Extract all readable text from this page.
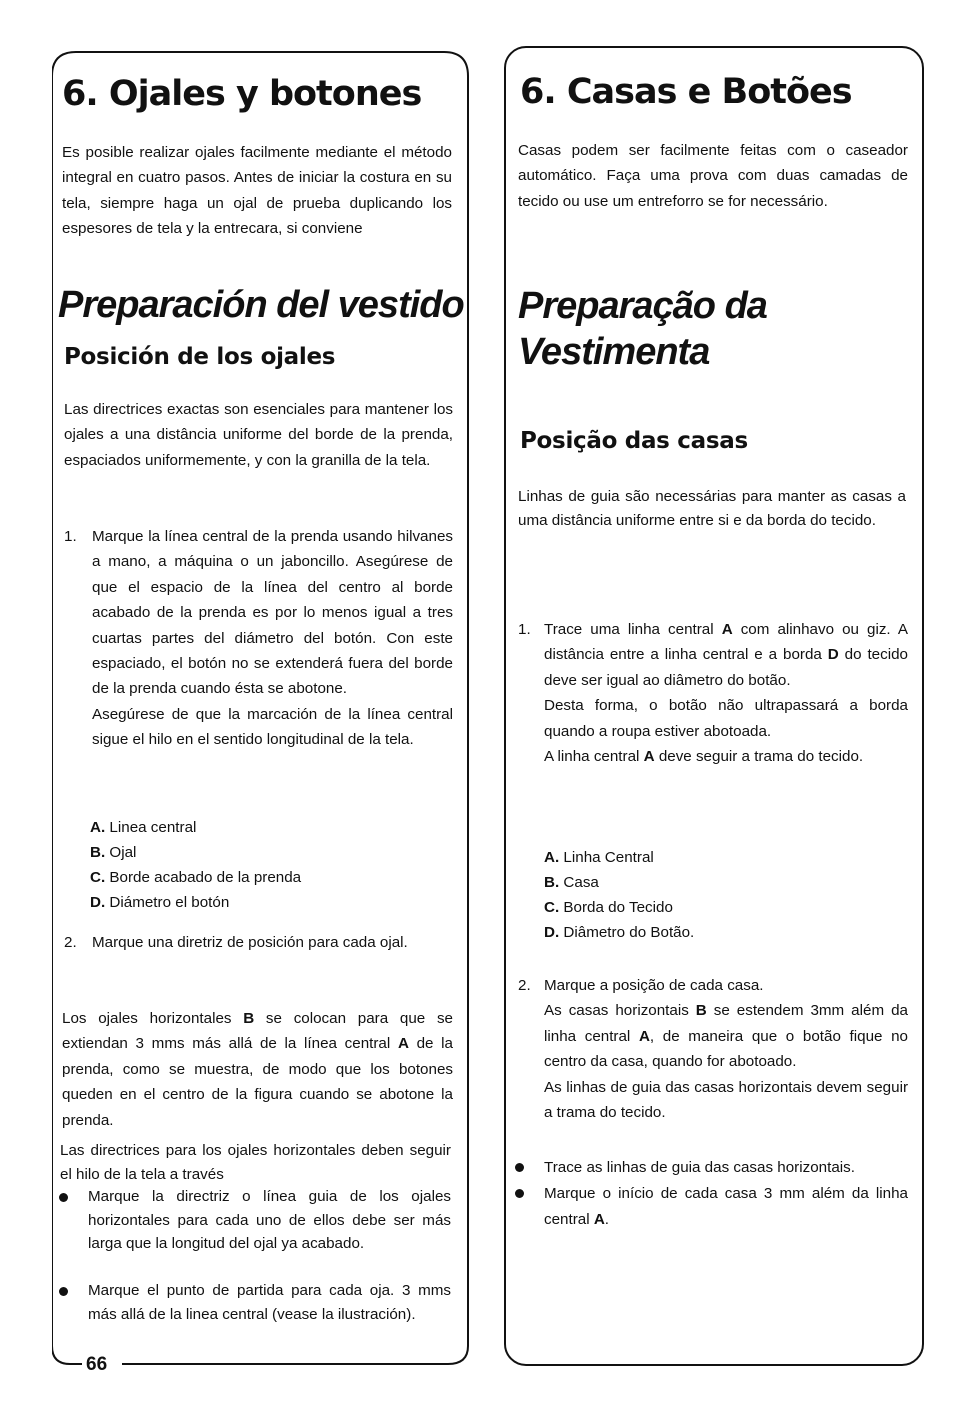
6. Ojales y botones

Es posible realizar ojales facilmente mediante el método integral en cuatro pasos. Antes de iniciar la costura en su tela, siempre haga un ojal de prueba duplicando los espesores de tela y la entrecara, si conviene

Preparación del vestido
Posición de los ojales

Las directrices exactas son esenciales para mantener los ojales a una distância uniforme del borde de la prenda, espaciados uniformemente, y con la granilla de la tela.

1. Marque la línea central de la prenda usando hilvanes a mano, a máquina o un jaboncillo. Asegúrese de que el espacio de la línea del centro al borde acabado de la prenda es por lo menos igual a tres cuartas partes del diámetro del botón. Con este espaciado, el botón no se extenderá fuera del borde de la prenda cuando ésta se abotone.
Asegúrese de que la marcación de la línea central sigue el hilo en el sentido longitudinal de la tela.
A. Linea central
B. Ojal
C. Borde acabado de la prenda
D. Diámetro el botón
2. Marque una diretriz de posición para cada ojal.

Los ojales horizontales B se colocan para que se extiendan 3 mms más allá de la línea central A de la prenda, como se muestra, de modo que los botones queden en el centro de la figura cuando se abotone la prenda.

Las directrices para los ojales horizontales deben seguir el hilo de la tela a través

Marque la directriz o línea guia de los ojales horizontales para cada uno de ellos debe ser más larga que la longitud del ojal ya acabado.

Marque el punto de partida para cada oja. 3 mms más allá de la linea central (vease la ilustración).

66

6. Casas e Botões

Casas podem ser facilmente feitas com o caseador automático. Faça uma prova com duas camadas de tecido ou use um entreforro se for necessário.

Preparação da Vestimenta
Posição das casas

Linhas de guia são necessárias para manter as casas a uma distância uniforme entre si e da borda do tecido.

1. Trace uma linha central A com alinhavo ou giz. A distância entre a linha central e a borda D do tecido deve ser igual ao diâmetro do botão.
Desta forma, o botão não ultrapassará a borda quando a roupa estiver abotoada.
A linha central A deve seguir a trama do tecido.
A. Linha Central
B. Casa
C. Borda do Tecido
D. Diâmetro do Botão.
2. Marque a posição de cada casa.
As casas horizontais B se estendem 3mm além da linha central A, de maneira que o botão fique no centro da casa, quando for abotoado.
As linhas de guia das casas horizontais devem seguir a trama do tecido.

Trace as linhas de guia das casas horizontais.

Marque o início de cada casa 3 mm além da linha central A.
